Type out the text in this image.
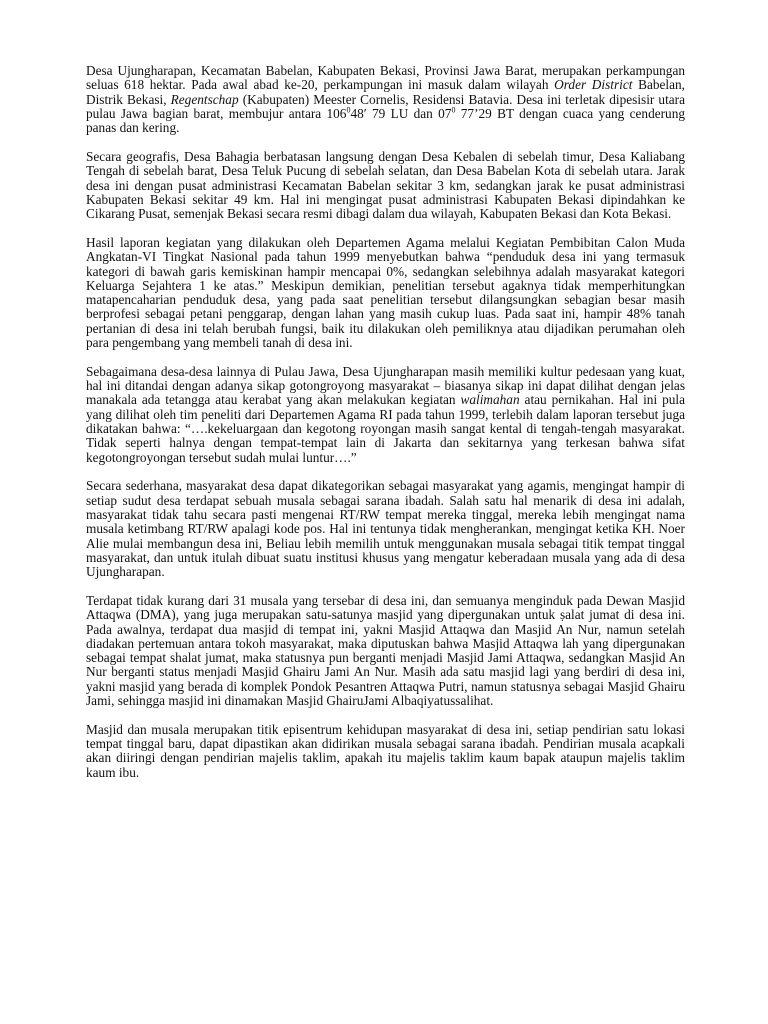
Desa Ujungharapan, Kecamatan Babelan, Kabupaten Bekasi, Provinsi Jawa Barat, merupakan perkampungan seluas 618 hektar. Pada awal abad ke-20, perkampungan ini masuk dalam wilayah Order District Babelan, Distrik Bekasi, Regentschap (Kabupaten) Meester Cornelis, Residensi Batavia. Desa ini terletak dipesisir utara pulau Jawa bagian barat, membujur antara $106^048'$ 79 LU dan $07^0$ 77’29 BT dengan cuaca yang cenderung panas dan kering.

Secara geografis, Desa Bahagia berbatasan langsung dengan Desa Kebalen di sebelah timur, Desa Kaliabang Tengah di sebelah barat, Desa Teluk Pucung di sebelah selatan, dan Desa Babelan Kota di sebelah utara. Jarak desa ini dengan pusat administrasi Kecamatan Babelan sekitar 3 km, sedangkan jarak ke pusat administrasi Kabupaten Bekasi sekitar 49 km. Hal ini mengingat pusat administrasi Kabupaten Bekasi dipindahkan ke Cikarang Pusat, semenjak Bekasi secara resmi dibagi dalam dua wilayah, Kabupaten Bekasi dan Kota Bekasi.

Hasil laporan kegiatan yang dilakukan oleh Departemen Agama melalui Kegiatan Pembibitan Calon Muda Angkatan-VI Tingkat Nasional pada tahun 1999 menyebutkan bahwa “penduduk desa ini yang termasuk kategori di bawah garis kemiskinan hampir mencapai 0%, sedangkan selebihnya adalah masyarakat kategori Keluarga Sejahtera 1 ke atas.” Meskipun demikian, penelitian tersebut agaknya tidak memperhitungkan matapencaharian penduduk desa, yang pada saat penelitian tersebut dilangsungkan sebagian besar masih berprofesi sebagai petani penggarap, dengan lahan yang masih cukup luas. Pada saat ini, hampir 48% tanah pertanian di desa ini telah berubah fungsi, baik itu dilakukan oleh pemiliknya atau dijadikan perumahan oleh para pengembang yang membeli tanah di desa ini.

Sebagaimana desa-desa lainnya di Pulau Jawa, Desa Ujungharapan masih memiliki kultur pedesaan yang kuat, hal ini ditandai dengan adanya sikap gotongroyong masyarakat – biasanya sikap ini dapat dilihat dengan jelas manakala ada tetangga atau kerabat yang akan melakukan kegiatan walimahan atau pernikahan. Hal ini pula yang dilihat oleh tim peneliti dari Departemen Agama RI pada tahun 1999, terlebih dalam laporan tersebut juga dikatakan bahwa: “….kekeluargaan dan kegotong royongan masih sangat kental di tengah-tengah masyarakat. Tidak seperti halnya dengan tempat-tempat lain di Jakarta dan sekitarnya yang terkesan bahwa sifat kegotongroyongan tersebut sudah mulai luntur….”

Secara sederhana, masyarakat desa dapat dikategorikan sebagai masyarakat yang agamis, mengingat hampir di setiap sudut desa terdapat sebuah musala sebagai sarana ibadah. Salah satu hal menarik di desa ini adalah, masyarakat tidak tahu secara pasti mengenai RT/RW tempat mereka tinggal, mereka lebih mengingat nama musala ketimbang RT/RW apalagi kode pos. Hal ini tentunya tidak mengherankan, mengingat ketika KH. Noer Alie mulai membangun desa ini, Beliau lebih memilih untuk menggunakan musala sebagai titik tempat tinggal masyarakat, dan untuk itulah dibuat suatu institusi khusus yang mengatur keberadaan musala yang ada di desa Ujungharapan.

Terdapat tidak kurang dari 31 musala yang tersebar di desa ini, dan semuanya menginduk pada Dewan Masjid Attaqwa (DMA), yang juga merupakan satu-satunya masjid yang dipergunakan untuk ṣalat jumat di desa ini. Pada awalnya, terdapat dua masjid di tempat ini, yakni Masjid Attaqwa dan Masjid An Nur, namun setelah diadakan pertemuan antara tokoh masyarakat, maka diputuskan bahwa Masjid Attaqwa lah yang dipergunakan sebagai tempat shalat jumat, maka statusnya pun berganti menjadi Masjid Jami Attaqwa, sedangkan Masjid An Nur berganti status menjadi Masjid Ghairu Jami An Nur. Masih ada satu masjid lagi yang berdiri di desa ini, yakni masjid yang berada di komplek Pondok Pesantren Attaqwa Putri, namun statusnya sebagai Masjid Ghairu Jami, sehingga masjid ini dinamakan Masjid GhairuJami Albaqiyatussalihat.

Masjid dan musala merupakan titik episentrum kehidupan masyarakat di desa ini, setiap pendirian satu lokasi tempat tinggal baru, dapat dipastikan akan didirikan musala sebagai sarana ibadah. Pendirian musala acapkali akan diiringi dengan pendirian majelis taklim, apakah itu majelis taklim kaum bapak ataupun majelis taklim kaum ibu.
